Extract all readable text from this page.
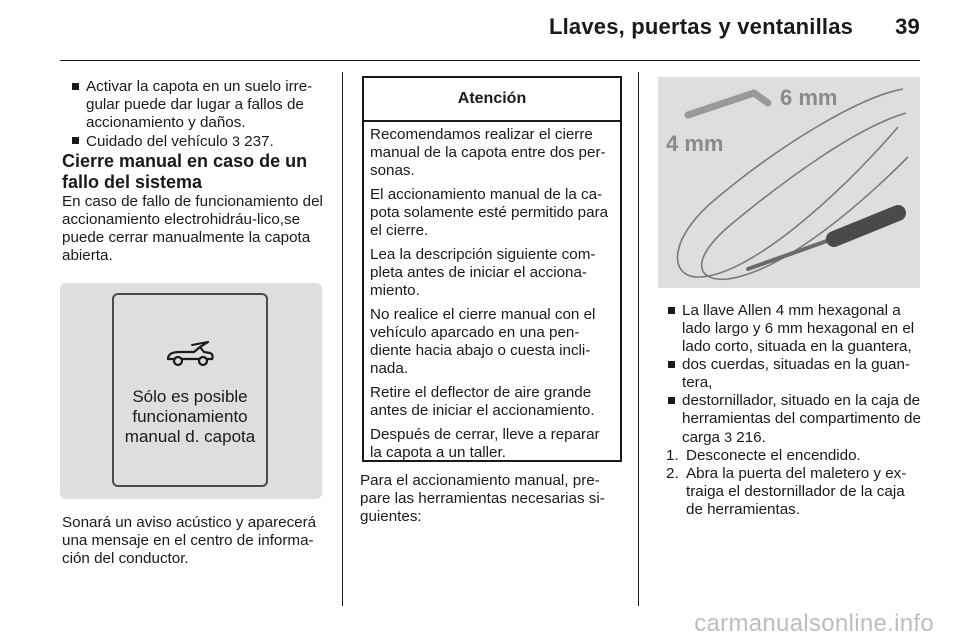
Llaves, puertas y ventanillas 39

Activar la capota en un suelo irre-gular puede dar lugar a fallos de accionamiento y daños.

Cuidado del vehículo 3 237.

Cierre manual en caso de un fallo del sistema

En caso de fallo de funcionamiento del accionamiento electrohidráu-lico,se puede cerrar manualmente la capota abierta.

Sólo es posible
funcionamiento
manual d. capota

Sonará un aviso acústico y aparecerá una mensaje en el centro de informa-ción del conductor.

Atención

Recomendamos realizar el cierre manual de la capota entre dos per-sonas.

El accionamiento manual de la ca-pota solamente esté permitido para el cierre.

Lea la descripción siguiente com-pleta antes de iniciar el acciona-miento.

No realice el cierre manual con el vehículo aparcado en una pen-diente hacia abajo o cuesta incli-nada.

Retire el deflector de aire grande antes de iniciar el accionamiento.

Después de cerrar, lleve a reparar la capota a un taller.

Para el accionamiento manual, pre-pare las herramientas necesarias si-guientes:

6 mm
4 mm

La llave Allen 4 mm hexagonal a lado largo y 6 mm hexagonal en el lado corto, situada en la guantera,

dos cuerdas, situadas en la guan-tera,

destornillador, situado en la caja de herramientas del compartimento de carga 3 216.

1. Desconecte el encendido.

2. Abra la puerta del maletero y ex-traiga el destornillador de la caja de herramientas.

carmanualsonline.info
